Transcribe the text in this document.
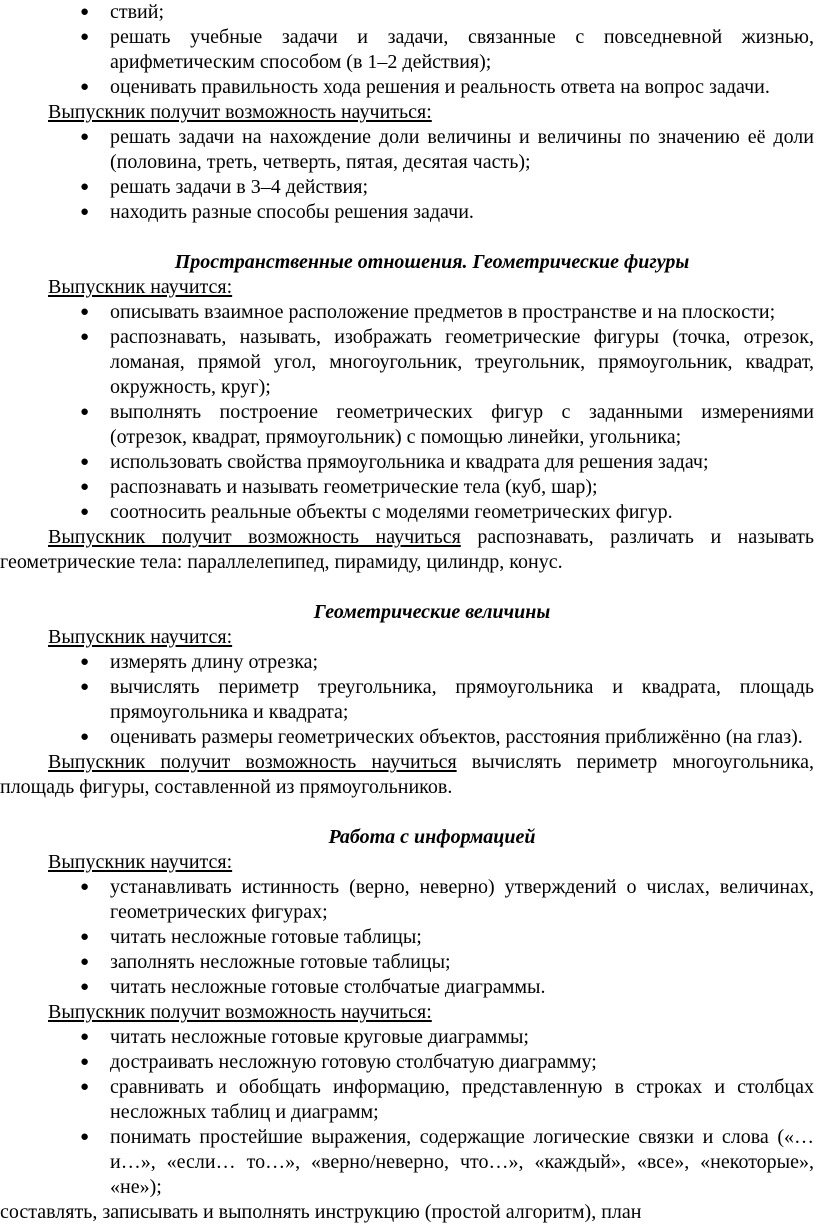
● ствий;
● решать учебные задачи и задачи, связанные с повседневной жизнью, арифметическим способом (в 1–2 действия);
● оценивать правильность хода решения и реальность ответа на вопрос задачи.
Выпускник получит возможность научиться:
● решать задачи на нахождение доли величины и величины по значению её доли (половина, треть, четверть, пятая, десятая часть);
● решать задачи в 3–4 действия;
● находить разные способы решения задачи.
Пространственные отношения. Геометрические фигуры
Выпускник научится:
● описывать взаимное расположение предметов в пространстве и на плоскости;
● распознавать, называть, изображать геометрические фигуры (точка, отрезок, ломаная, прямой угол, многоугольник, треугольник, прямоугольник, квадрат, окружность, круг);
● выполнять построение геометрических фигур с заданными измерениями (отрезок, квадрат, прямоугольник) с помощью линейки, угольника;
● использовать свойства прямоугольника и квадрата для решения задач;
● распознавать и называть геометрические тела (куб, шар);
● соотносить реальные объекты с моделями геометрических фигур.
Выпускник получит возможность научиться распознавать, различать и называть геометрические тела: параллелепипед, пирамиду, цилиндр, конус.
Геометрические величины
Выпускник научится:
● измерять длину отрезка;
● вычислять периметр треугольника, прямоугольника и квадрата, площадь прямоугольника и квадрата;
● оценивать размеры геометрических объектов, расстояния приближённо (на глаз).
Выпускник получит возможность научиться вычислять периметр многоугольника, площадь фигуры, составленной из прямоугольников.
Работа с информацией
Выпускник научится:
● устанавливать истинность (верно, неверно) утверждений о числах, величинах, геометрических фигурах;
● читать несложные готовые таблицы;
● заполнять несложные готовые таблицы;
● читать несложные готовые столбчатые диаграммы.
Выпускник получит возможность научиться:
● читать несложные готовые круговые диаграммы;
● достраивать несложную готовую столбчатую диаграмму;
● сравнивать и обобщать информацию, представленную в строках и столбцах несложных таблиц и диаграмм;
● понимать простейшие выражения, содержащие логические связки и слова («…и…», «если… то…», «верно/неверно, что…», «каждый», «все», «некоторые», «не»);
составлять, записывать и выполнять инструкцию (простой алгоритм), план
